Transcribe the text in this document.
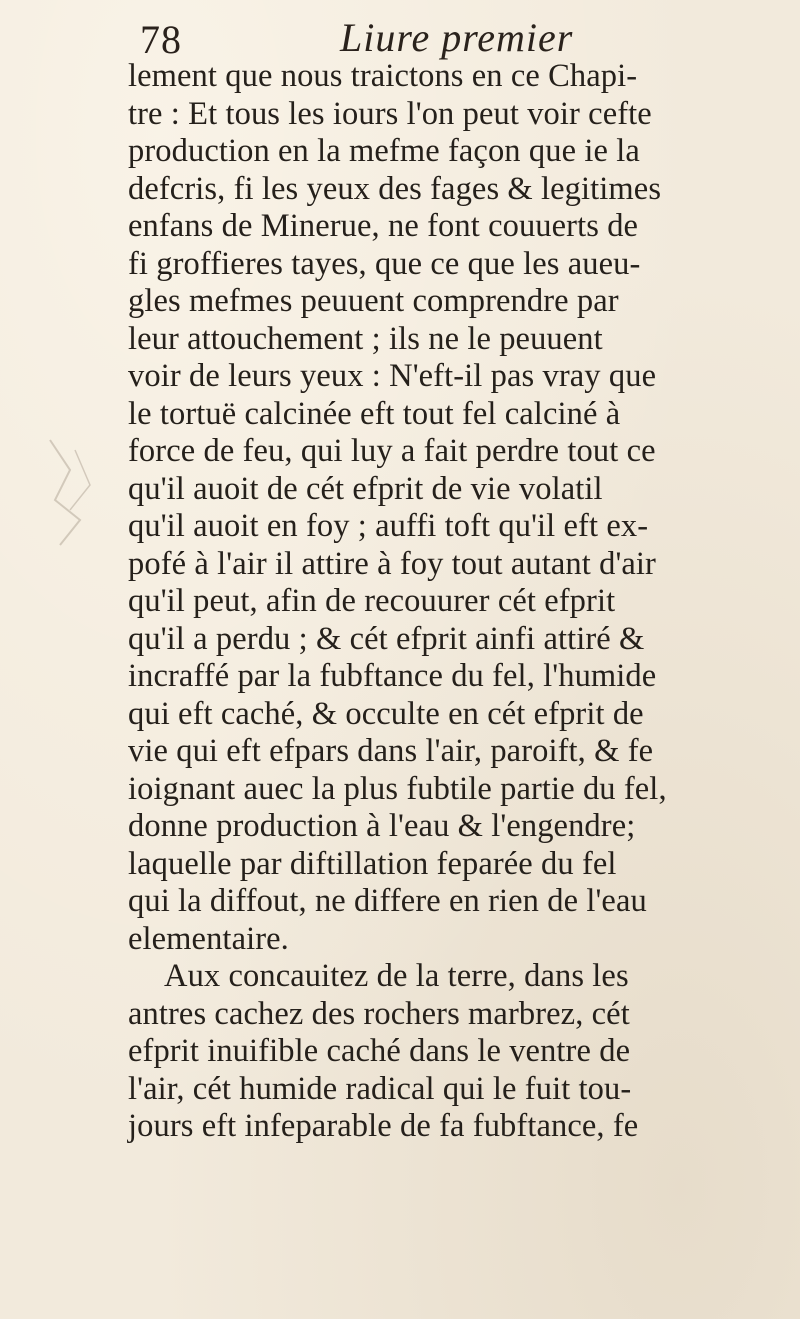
78	Liure premier
lement que nous traictons en ce Chapi-
tre : Et tous les iours l'on peut voir cefte
production en la mefme façon que ie la
defcris, fi les yeux des fages & legitimes
enfans de Minerue, ne font couuerts de
fi groffieres tayes, que ce que les aueu-
gles mefmes peuuent comprendre par
leur attouchement ; ils ne le peuuent
voir de leurs yeux : N'eft-il pas vray que
le tortuë calcinée eft tout fel calciné à
force de feu, qui luy a fait perdre tout ce
qu'il auoit de cét efprit de vie volatil
qu'il auoit en foy ; auffi toft qu'il eft ex-
pofé à l'air il attire à foy tout autant d'air
qu'il peut, afin de recouurer cét efprit
qu'il a perdu ; & cét efprit ainfi attiré &
incraffé par la fubftance du fel, l'humide
qui eft caché, & occulte en cét efprit de
vie qui eft efpars dans l'air, paroift, & fe
ioignant auec la plus fubtile partie du fel,
donne production à l'eau & l'engendre;
laquelle par diftillation feparée du fel
qui la diffout, ne differe en rien de l'eau
elementaire.
Aux concauitez de la terre, dans les
antres cachez des rochers marbrez, cét
efprit inuifible caché dans le ventre de
l'air, cét humide radical qui le fuit tou-
jours eft infeparable de fa fubftance, fe
